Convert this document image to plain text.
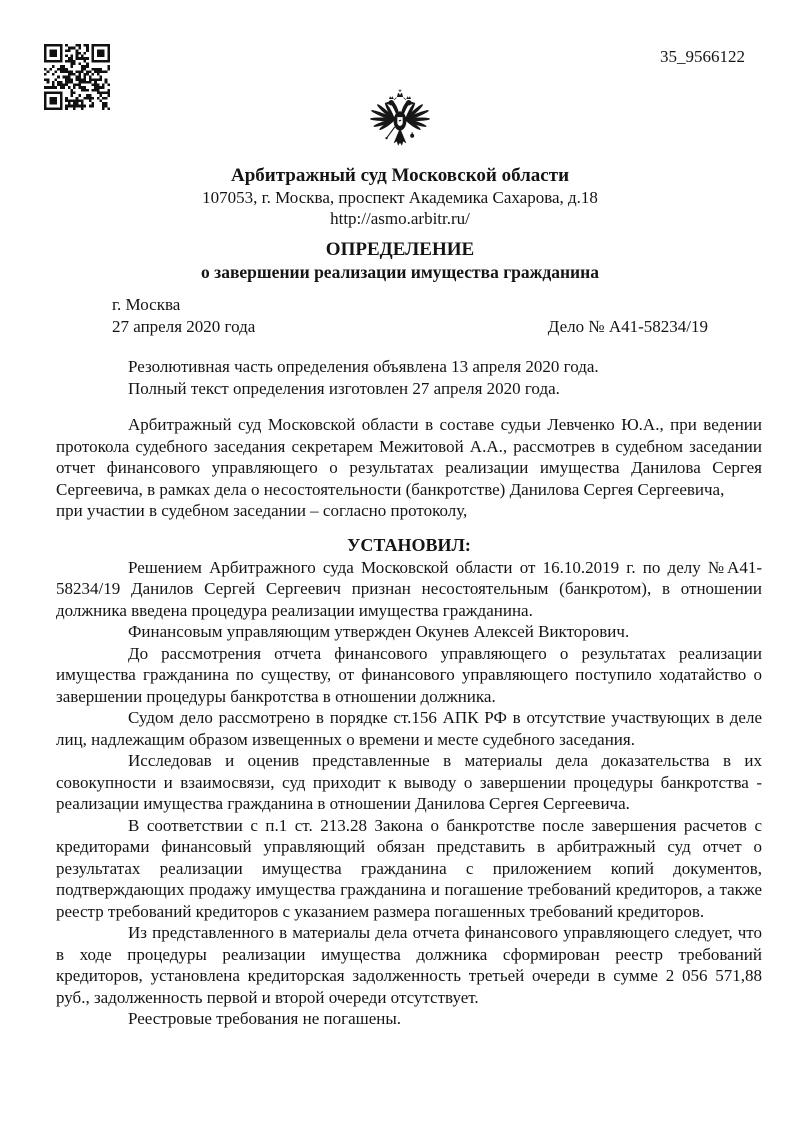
35_9566122
Арбитражный суд Московской области
107053, г. Москва, проспект Академика Сахарова, д.18
http://asmo.arbitr.ru/
ОПРЕДЕЛЕНИЕ
о завершении реализации имущества гражданина
г. Москва
27 апреля 2020 года	Дело № А41-58234/19

Резолютивная часть определения объявлена 13 апреля 2020 года.

Полный текст определения изготовлен 27 апреля 2020 года.

Арбитражный суд Московской области в составе судьи Левченко Ю.А., при ведении протокола судебного заседания секретарем Межитовой А.А., рассмотрев в судебном заседании отчет финансового управляющего о результатах реализации имущества Данилова Сергея Сергеевича, в рамках дела о несостоятельности (банкротстве) Данилова Сергея Сергеевича,

при участии в судебном заседании – согласно протоколу,

УСТАНОВИЛ:

Решением Арбитражного суда Московской области от 16.10.2019 г. по делу №А41-58234/19 Данилов Сергей Сергеевич признан несостоятельным (банкротом), в отношении должника введена процедура реализации имущества гражданина.

Финансовым управляющим утвержден Окунев Алексей Викторович.

До рассмотрения отчета финансового управляющего о результатах реализации имущества гражданина по существу, от финансового управляющего поступило ходатайство о завершении процедуры банкротства в отношении должника.

Судом дело рассмотрено в порядке ст.156 АПК РФ в отсутствие участвующих в деле лиц, надлежащим образом извещенных о времени и месте судебного заседания.

Исследовав и оценив представленные в материалы дела доказательства в их совокупности и взаимосвязи, суд приходит к выводу о завершении процедуры банкротства - реализации имущества гражданина в отношении Данилова Сергея Сергеевича.

В соответствии с п.1 ст. 213.28 Закона о банкротстве после завершения расчетов с кредиторами финансовый управляющий обязан представить в арбитражный суд отчет о результатах реализации имущества гражданина с приложением копий документов, подтверждающих продажу имущества гражданина и погашение требований кредиторов, а также реестр требований кредиторов с указанием размера погашенных требований кредиторов.

Из представленного в материалы дела отчета финансового управляющего следует, что в ходе процедуры реализации имущества должника сформирован реестр требований кредиторов, установлена кредиторская задолженность третьей очереди в сумме 2 056 571,88 руб., задолженность первой и второй очереди отсутствует.

Реестровые требования не погашены.
